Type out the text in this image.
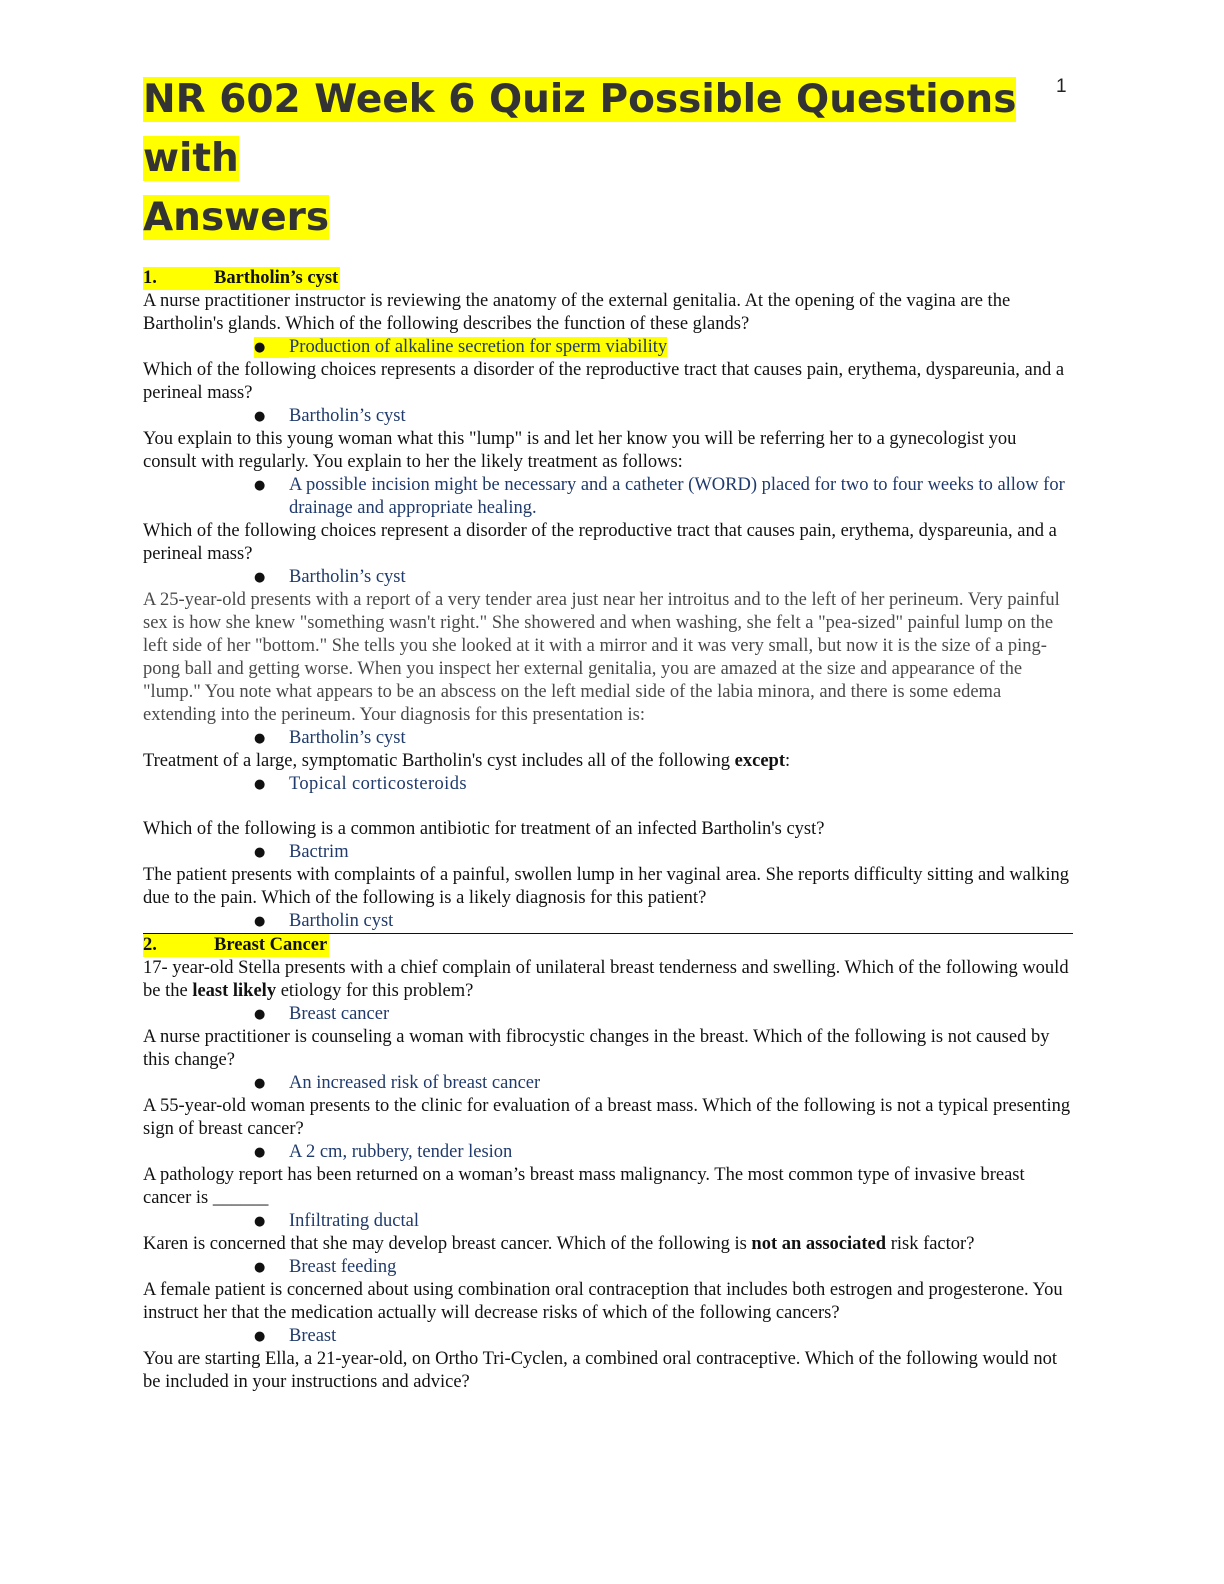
1
NR 602 Week 6 Quiz Possible Questions with
Answers
1.	Bartholin’s cyst

A nurse practitioner instructor is reviewing the anatomy of the external genitalia. At the opening of the vagina are the Bartholin's glands. Which of the following describes the function of these glands?

●	Production of alkaline secretion for sperm viability

Which of the following choices represents a disorder of the reproductive tract that causes pain, erythema, dyspareunia, and a perineal mass?

● Bartholin’s cyst

You explain to this young woman what this "lump" is and let her know you will be referring her to a gynecologist you consult with regularly. You explain to her the likely treatment as follows:

● A possible incision might be necessary and a catheter (WORD) placed for two to four weeks to allow for drainage and appropriate healing.

Which of the following choices represent a disorder of the reproductive tract that causes pain, erythema, dyspareunia, and a perineal mass?

● Bartholin’s cyst

A 25-year-old presents with a report of a very tender area just near her introitus and to the left of her perineum. Very painful sex is how she knew "something wasn't right." She showered and when washing, she felt a "pea-sized" painful lump on the left side of her "bottom." She tells you she looked at it with a mirror and it was very small, but now it is the size of a ping-pong ball and getting worse. When you inspect her external genitalia, you are amazed at the size and appearance of the "lump." You note what appears to be an abscess on the left medial side of the labia minora, and there is some edema extending into the perineum. Your diagnosis for this presentation is:

● Bartholin’s cyst

Treatment of a large, symptomatic Bartholin's cyst includes all of the following except:

● Topical corticosteroids

Which of the following is a common antibiotic for treatment of an infected Bartholin's cyst?

● Bactrim

The patient presents with complaints of a painful, swollen lump in her vaginal area. She reports difficulty sitting and walking due to the pain. Which of the following is a likely diagnosis for this patient?

● Bartholin cyst

2.	Breast Cancer

17- year-old Stella presents with a chief complain of unilateral breast tenderness and swelling. Which of the following would be the least likely etiology for this problem?

● Breast cancer

A nurse practitioner is counseling a woman with fibrocystic changes in the breast. Which of the following is not caused by this change?

● An increased risk of breast cancer

A 55-year-old woman presents to the clinic for evaluation of a breast mass. Which of the following is not a typical presenting sign of breast cancer?

● A 2 cm, rubbery, tender lesion

A pathology report has been returned on a woman’s breast mass malignancy. The most common type of invasive breast cancer is ______

● Infiltrating ductal

Karen is concerned that she may develop breast cancer. Which of the following is not an associated risk factor?

● Breast feeding

A female patient is concerned about using combination oral contraception that includes both estrogen and progesterone. You instruct her that the medication actually will decrease risks of which of the following cancers?

● Breast

You are starting Ella, a 21-year-old, on Ortho Tri-Cyclen, a combined oral contraceptive. Which of the following would not be included in your instructions and advice?
